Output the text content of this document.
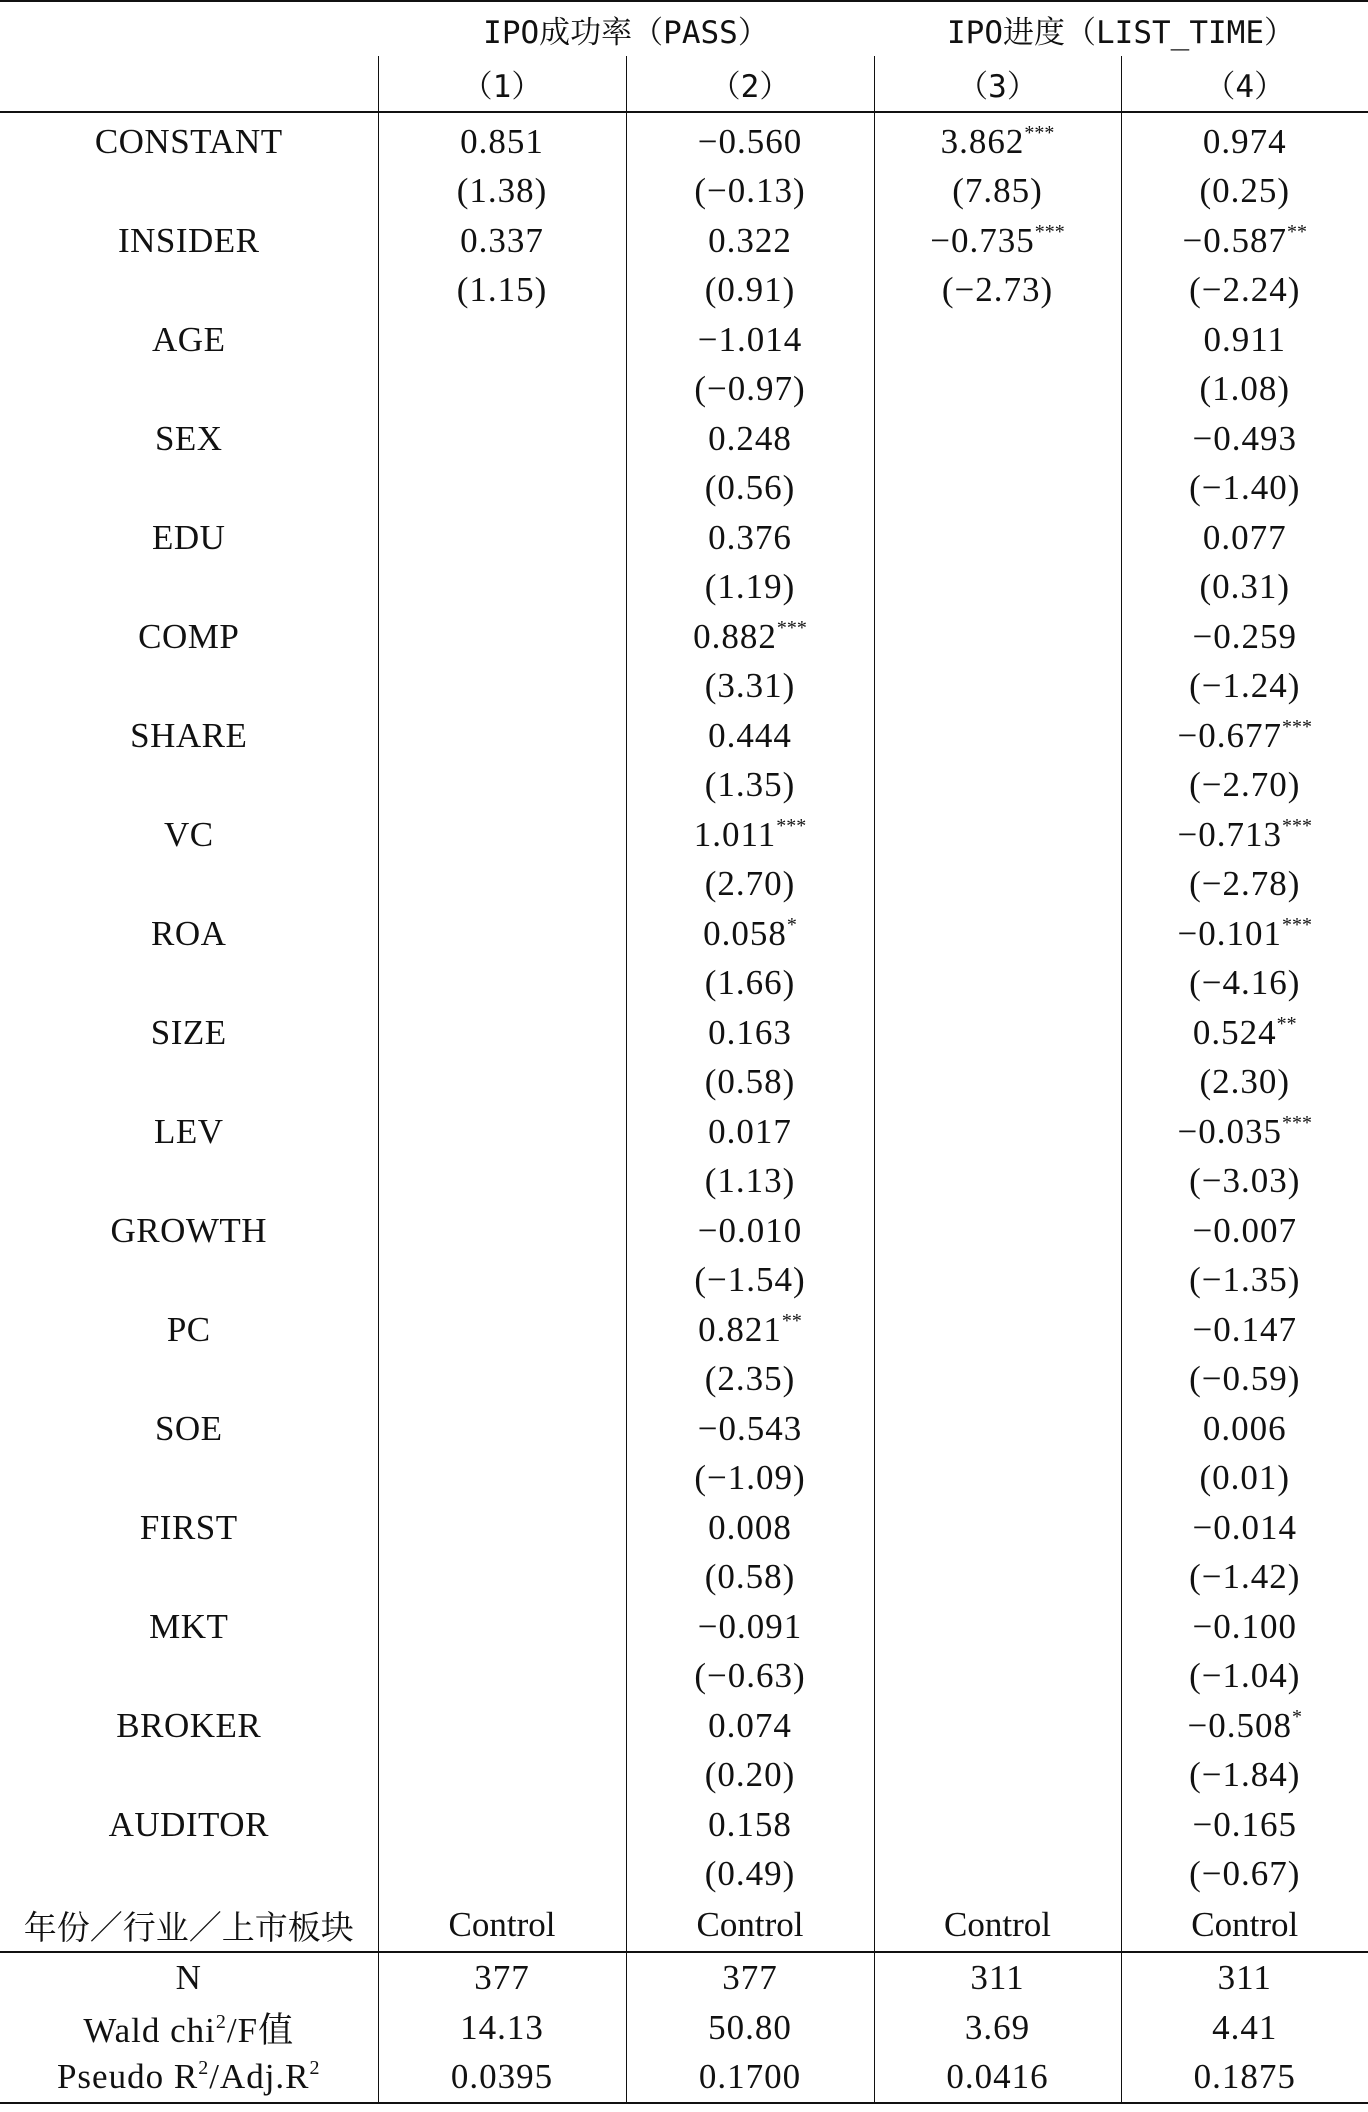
	IPO成功率（PASS）		IPO进度（LIST_TIME）	
	（1）	（2）	（3）	（4）
CONSTANT	0.851	−0.560	3.862***	0.974
	(1.38)	(−0.13)	(7.85)	(0.25)
INSIDER	0.337	0.322	−0.735***	−0.587**
	(1.15)	(0.91)	(−2.73)	(−2.24)
AGE		−1.014		0.911
		(−0.97)		(1.08)
SEX		0.248		−0.493
		(0.56)		(−1.40)
EDU		0.376		0.077
		(1.19)		(0.31)
COMP		0.882***		−0.259
		(3.31)		(−1.24)
SHARE		0.444		−0.677***
		(1.35)		(−2.70)
VC		1.011***		−0.713***
		(2.70)		(−2.78)
ROA		0.058*		−0.101***
		(1.66)		(−4.16)
SIZE		0.163		0.524**
		(0.58)		(2.30)
LEV		0.017		−0.035***
		(1.13)		(−3.03)
GROWTH		−0.010		−0.007
		(−1.54)		(−1.35)
PC		0.821**		−0.147
		(2.35)		(−0.59)
SOE		−0.543		0.006
		(−1.09)		(0.01)
FIRST		0.008		−0.014
		(0.58)		(−1.42)
MKT		−0.091		−0.100
		(−0.63)		(−1.04)
BROKER		0.074		−0.508*
		(0.20)		(−1.84)
AUDITOR		0.158		−0.165
		(0.49)		(−0.67)
年份／行业／上市板块	Control	Control	Control	Control
N	377	377	311	311
Wald chi$^2$/F值	14.13	50.80	3.69	4.41
Pseudo $R^2/Adj.R^2$	0.0395	0.1700	0.0416	0.1875
